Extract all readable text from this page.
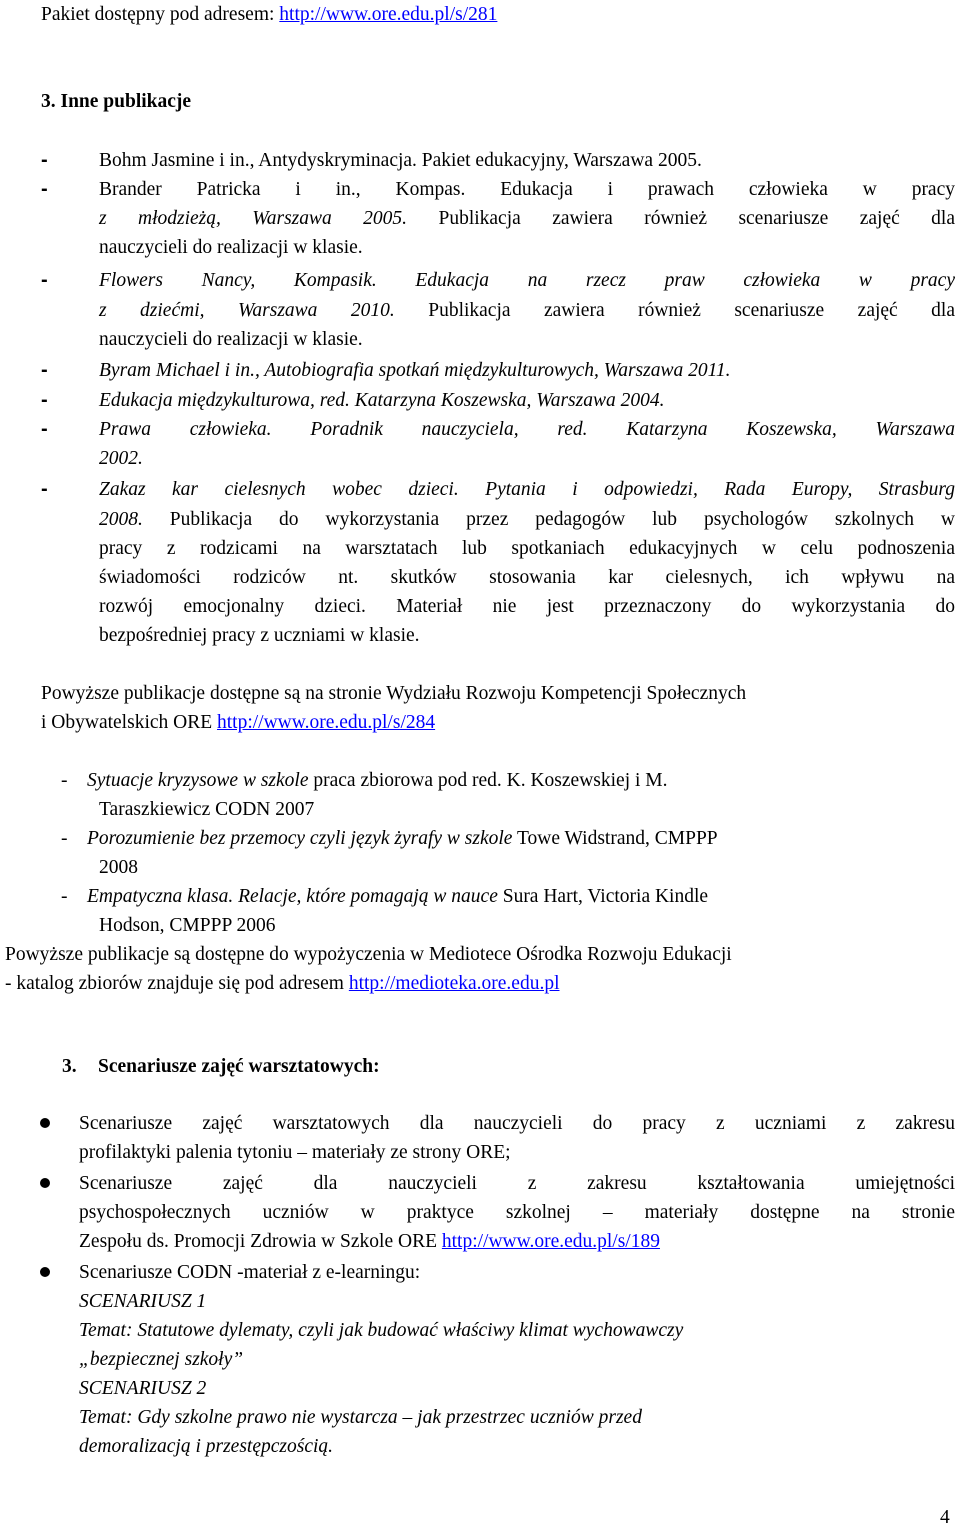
Pakiet dostępny pod adresem: http://www.ore.edu.pl/s/281
3. Inne publikacje
-	Bohm Jasmine i in., Antydyskryminacja. Pakiet edukacyjny, Warszawa 2005.
-	Brander Patricka i in., Kompas. Edukacja i prawach człowieka w pracy
z młodzieżą, Warszawa 2005. Publikacja zawiera również scenariusze zajęć dla
nauczycieli do realizacji w klasie.
-	Flowers Nancy, Kompasik. Edukacja na rzecz praw człowieka w pracy
z dziećmi, Warszawa 2010. Publikacja zawiera również scenariusze zajęć dla
nauczycieli do realizacji w klasie.
-	Byram Michael i in., Autobiografia spotkań międzykulturowych, Warszawa 2011.
-	Edukacja międzykulturowa, red. Katarzyna Koszewska, Warszawa 2004.
-	Prawa człowieka. Poradnik nauczyciela, red. Katarzyna Koszewska, Warszawa
2002.
-	Zakaz kar cielesnych wobec dzieci. Pytania i odpowiedzi, Rada Europy, Strasburg
2008. Publikacja do wykorzystania przez pedagogów lub psychologów szkolnych w
pracy z rodzicami na warsztatach lub spotkaniach edukacyjnych w celu podnoszenia
świadomości rodziców nt. skutków stosowania kar cielesnych, ich wpływu na
rozwój emocjonalny dzieci. Materiał nie jest przeznaczony do wykorzystania do
bezpośredniej pracy z uczniami w klasie.
Powyższe publikacje dostępne są na stronie Wydziału Rozwoju Kompetencji Społecznych
i Obywatelskich ORE http://www.ore.edu.pl/s/284
- Sytuacje kryzysowe w szkole praca zbiorowa pod red. K. Koszewskiej i M.
Taraszkiewicz CODN 2007
- Porozumienie bez przemocy czyli język żyrafy w szkole Towe Widstrand, CMPPP
2008
- Empatyczna klasa. Relacje, które pomagają w nauce Sura Hart, Victoria Kindle
Hodson, CMPPP 2006
Powyższe publikacje są dostępne do wypożyczenia w Mediotece Ośrodka Rozwoju Edukacji
- katalog zbiorów znajduje się pod adresem http://medioteka.ore.edu.pl
3. Scenariusze zajęć warsztatowych:
Scenariusze zajęć warsztatowych dla nauczycieli do pracy z uczniami z zakresu
profilaktyki palenia tytoniu – materiały ze strony ORE;
Scenariusze zajęć dla nauczycieli z zakresu kształtowania umiejętności
psychospołecznych uczniów w praktyce szkolnej – materiały dostępne na stronie
Zespołu ds. Promocji Zdrowia w Szkole ORE http://www.ore.edu.pl/s/189
Scenariusze CODN -materiał z e-learningu:
SCENARIUSZ 1
Temat: Statutowe dylematy, czyli jak budować właściwy klimat wychowawczy
„bezpiecznej szkoły”
SCENARIUSZ 2
Temat: Gdy szkolne prawo nie wystarcza – jak przestrzec uczniów przed
demoralizacją i przestępczością.
4
